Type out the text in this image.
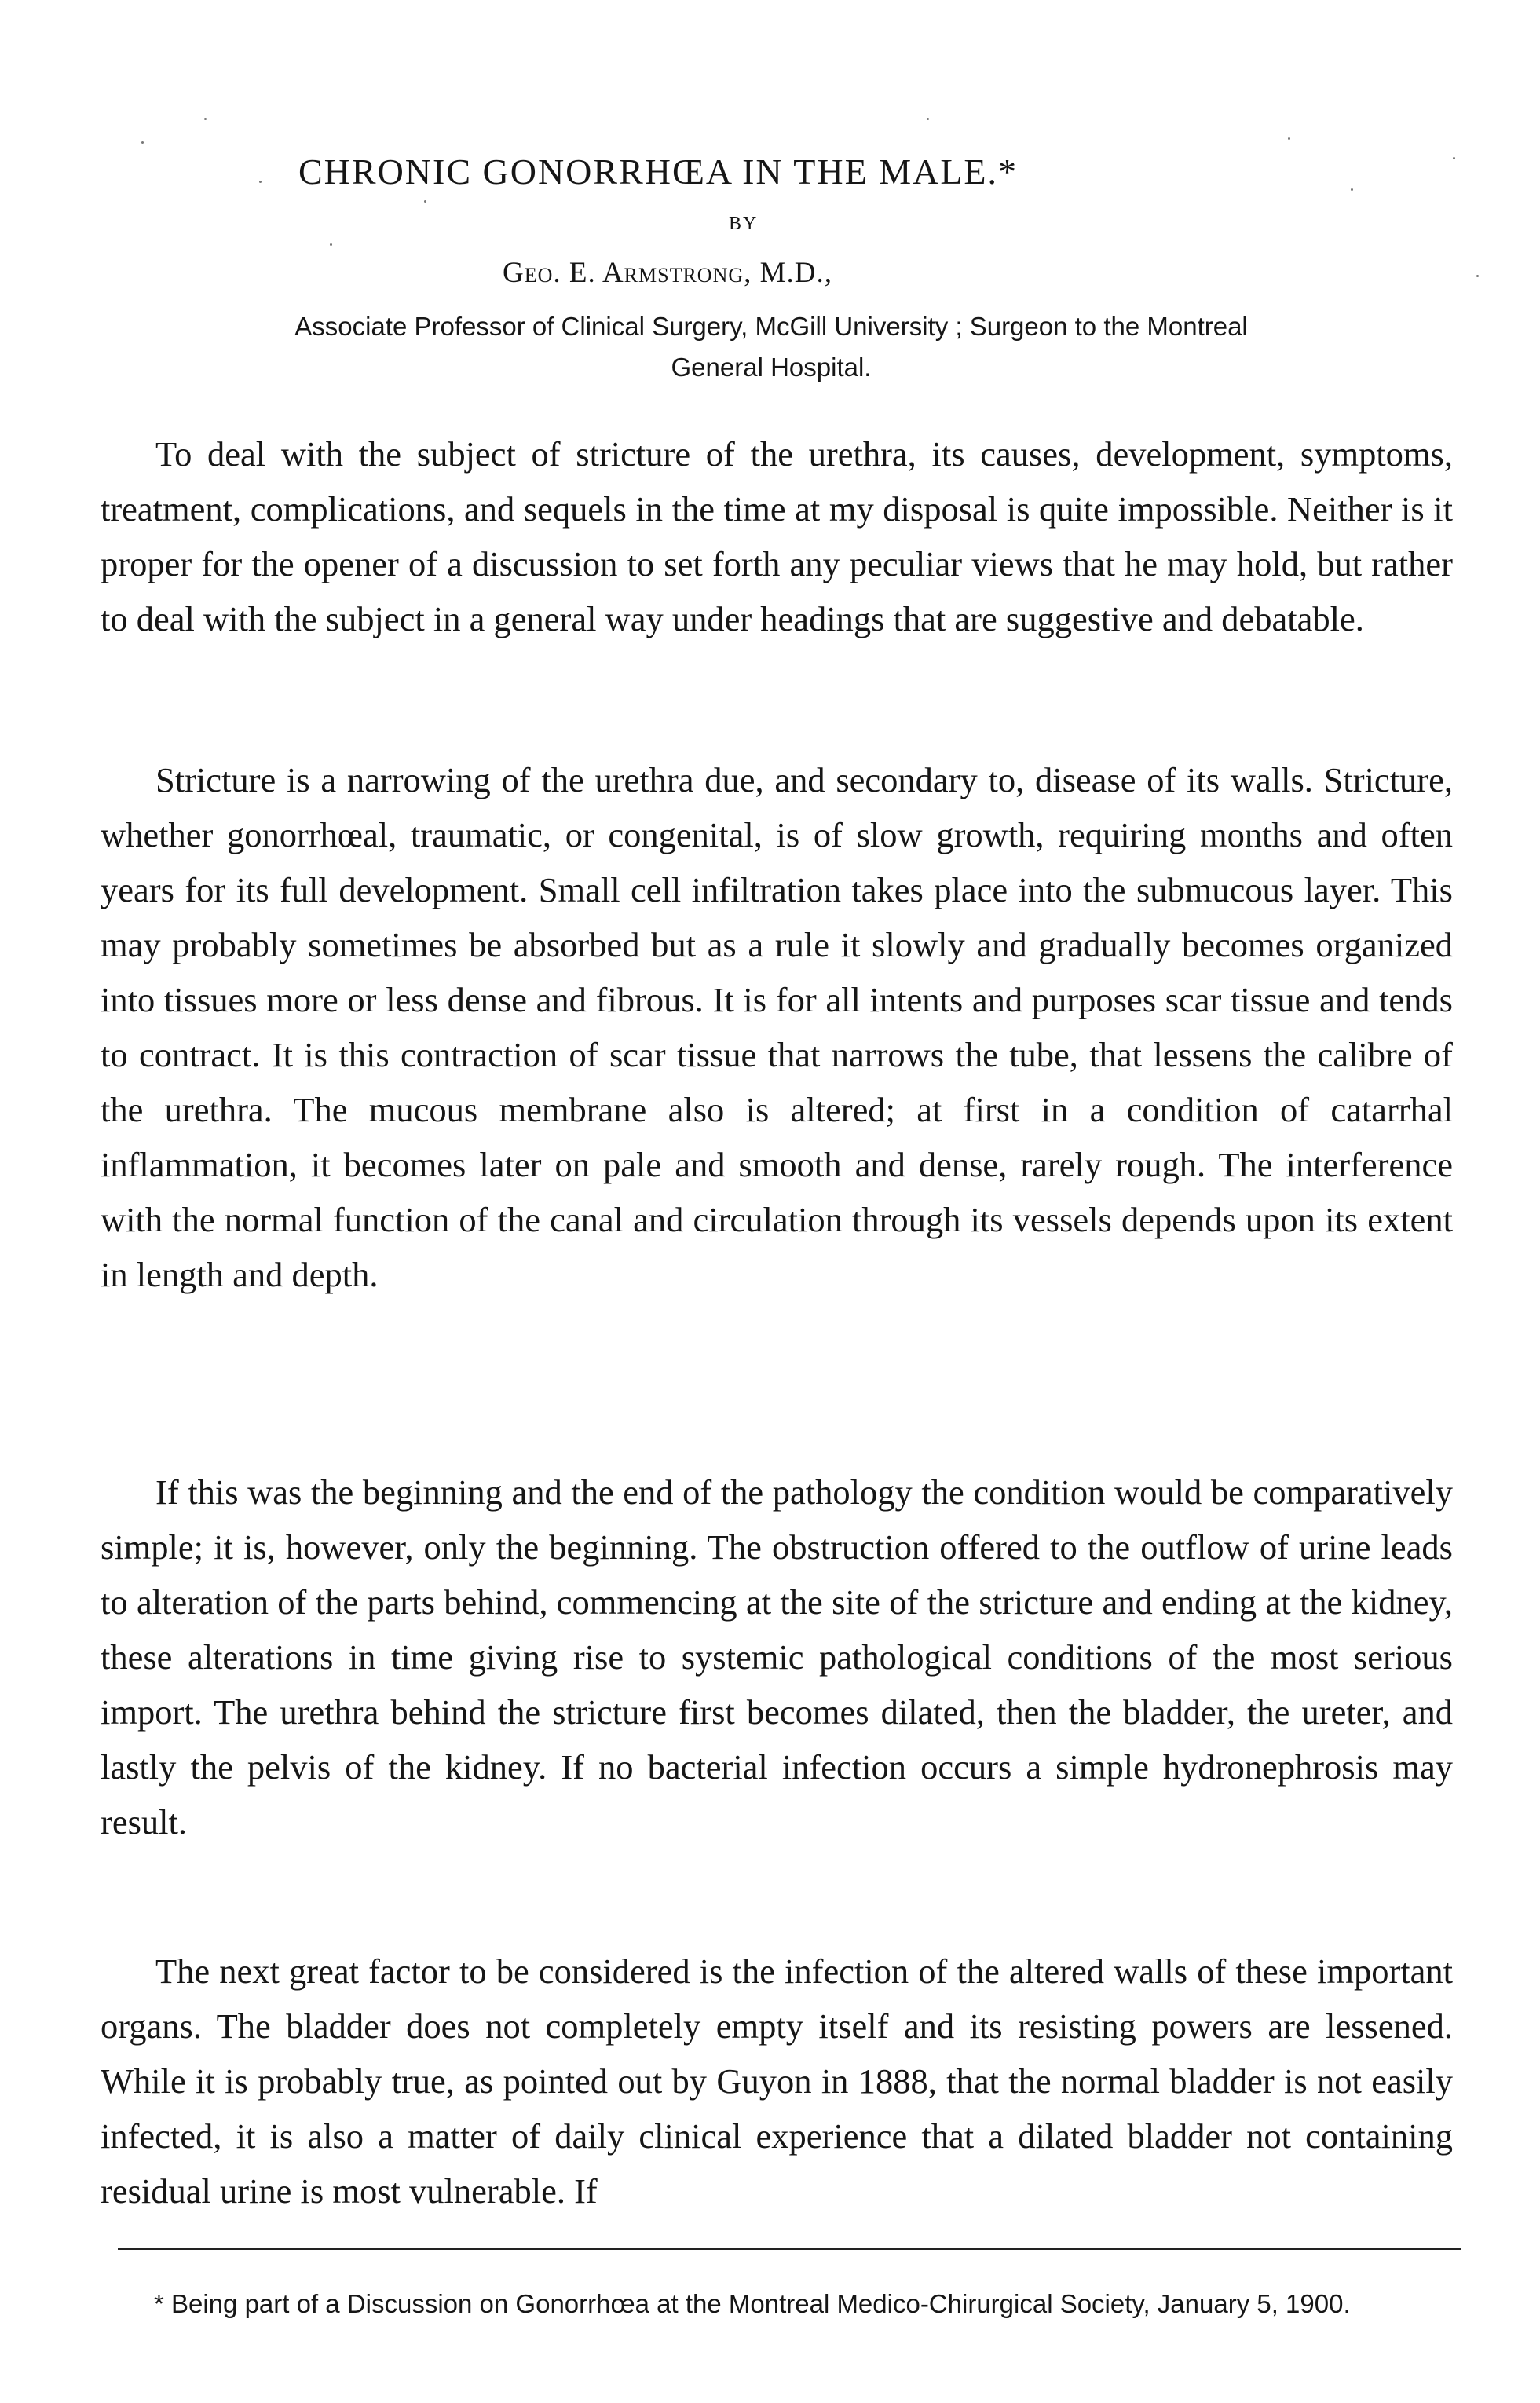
CHRONIC GONORRHŒA IN THE MALE.*
BY
Geo. E. Armstrong, M.D.,
Associate Professor of Clinical Surgery, McGill University ; Surgeon to the Montreal
General Hospital.

To deal with the subject of stricture of the urethra, its causes, development, symptoms, treatment, complications, and sequels in the time at my disposal is quite impossible. Neither is it proper for the opener of a discussion to set forth any peculiar views that he may hold, but rather to deal with the subject in a general way under headings that are suggestive and debatable.

Stricture is a narrowing of the urethra due, and secondary to, disease of its walls. Stricture, whether gonorrhœal, traumatic, or congenital, is of slow growth, requiring months and often years for its full development. Small cell infiltration takes place into the submucous layer. This may probably sometimes be absorbed but as a rule it slowly and gradually becomes organized into tissues more or less dense and fibrous. It is for all intents and purposes scar tissue and tends to contract. It is this contraction of scar tissue that narrows the tube, that lessens the calibre of the urethra. The mucous membrane also is altered; at first in a condition of catarrhal inflammation, it becomes later on pale and smooth and dense, rarely rough. The interference with the normal function of the canal and circulation through its vessels depends upon its extent in length and depth.

If this was the beginning and the end of the pathology the condition would be comparatively simple; it is, however, only the beginning. The obstruction offered to the outflow of urine leads to alteration of the parts behind, commencing at the site of the stricture and ending at the kidney, these alterations in time giving rise to systemic pathological conditions of the most serious import. The urethra behind the stricture first becomes dilated, then the bladder, the ureter, and lastly the pelvis of the kidney. If no bacterial infection occurs a simple hydronephrosis may result.

The next great factor to be considered is the infection of the altered walls of these important organs. The bladder does not completely empty itself and its resisting powers are lessened. While it is probably true, as pointed out by Guyon in 1888, that the normal bladder is not easily infected, it is also a matter of daily clinical experience that a dilated bladder not containing residual urine is most vulnerable. If

* Being part of a Discussion on Gonorrhœa at the Montreal Medico-Chirurgical Society, January 5, 1900.
